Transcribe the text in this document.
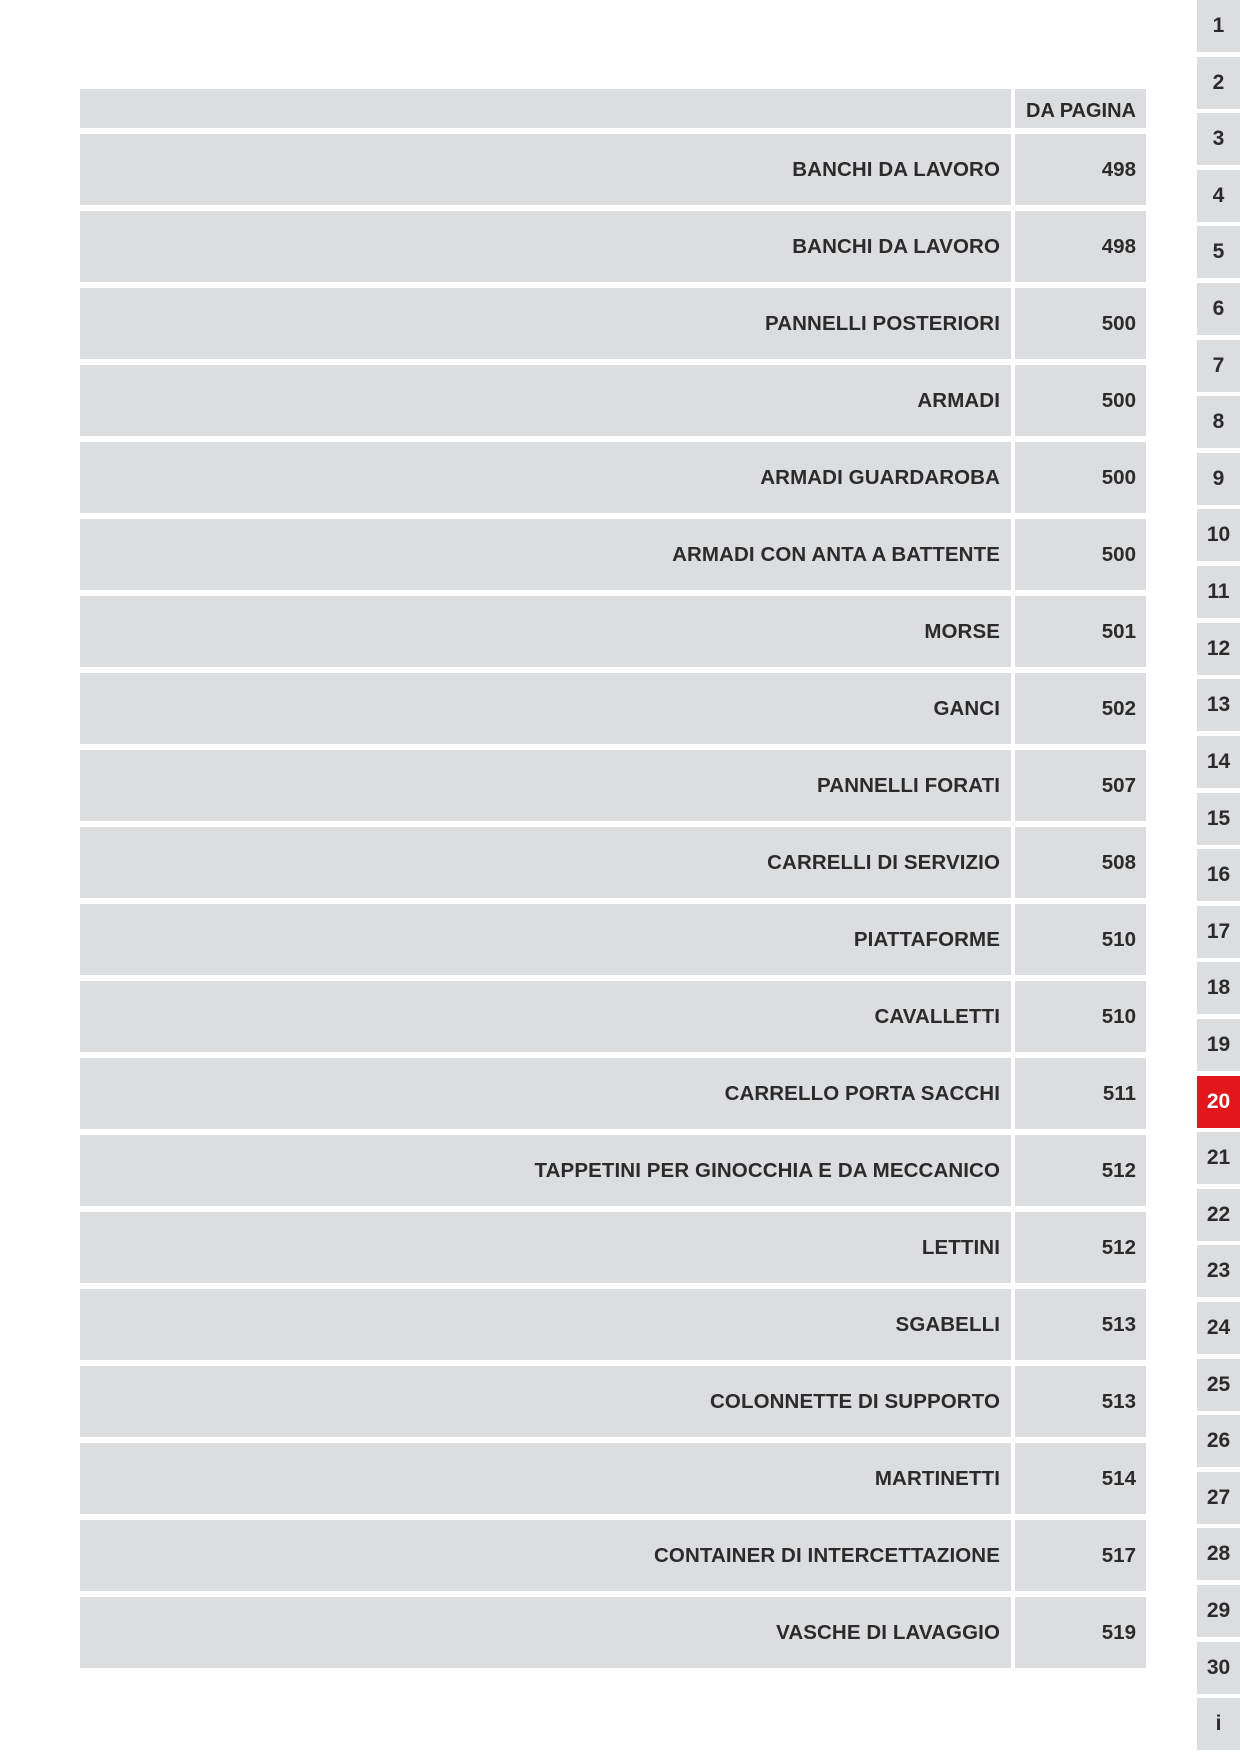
DA PAGINA
BANCHI DA LAVORO	498
BANCHI DA LAVORO	498
PANNELLI POSTERIORI	500
ARMADI	500
ARMADI GUARDAROBA	500
ARMADI CON ANTA A BATTENTE	500
MORSE	501
GANCI	502
PANNELLI FORATI	507
CARRELLI DI SERVIZIO	508
PIATTAFORME	510
CAVALLETTI	510
CARRELLO PORTA SACCHI	511
TAPPETINI PER GINOCCHIA E DA MECCANICO	512
LETTINI	512
SGABELLI	513
COLONNETTE DI SUPPORTO	513
MARTINETTI	514
CONTAINER DI INTERCETTAZIONE	517
VASCHE DI LAVAGGIO	519
1
2
3
4
5
6
7
8
9
10
11
12
13
14
15
16
17
18
19
20
21
22
23
24
25
26
27
28
29
30
i
